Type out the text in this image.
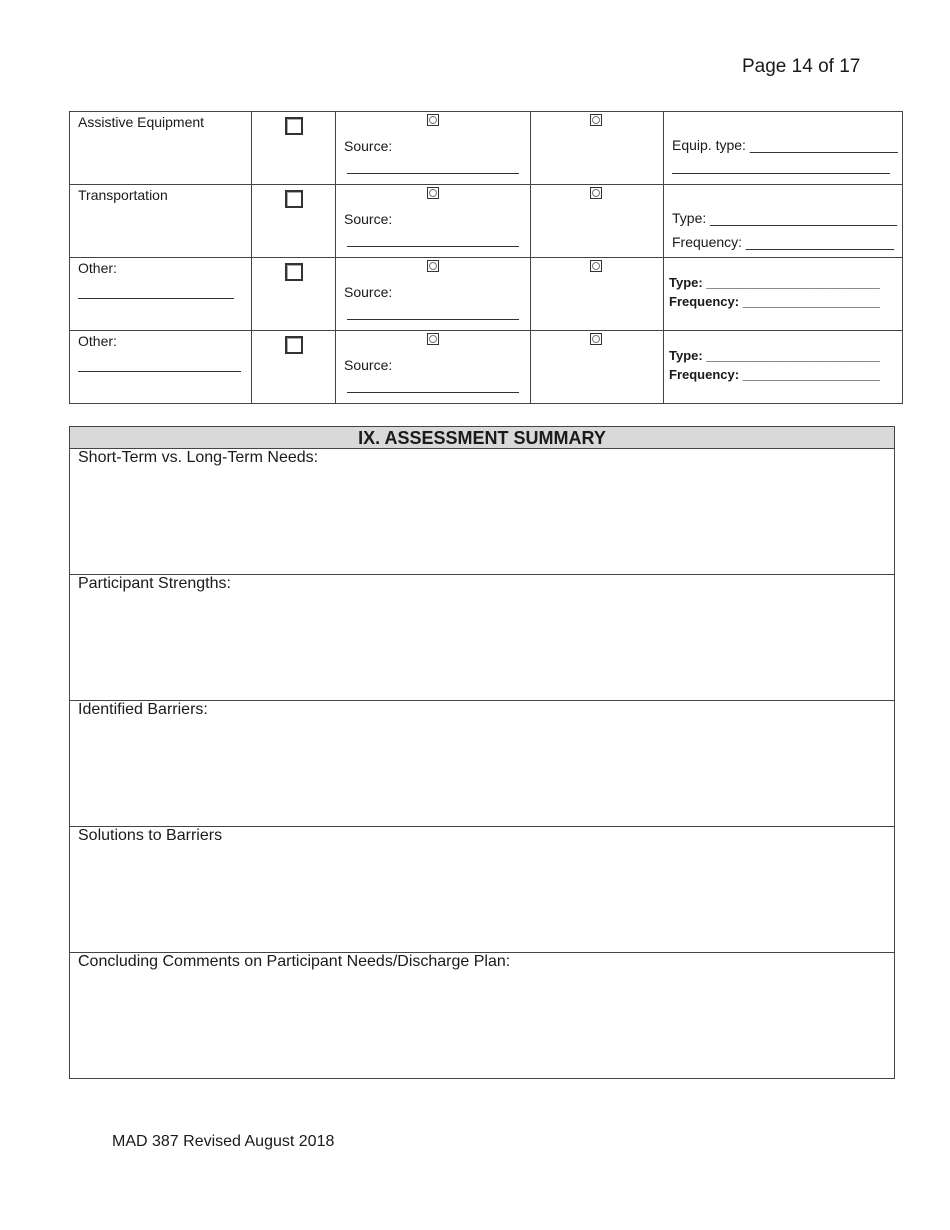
Page 14 of 17
Assistive Equipment		Source:		Equip. type: ___________________

Transportation		Source:		Type: ________________________
Frequency: ___________________

Other:		Source:		Type: ________________________
Frequency: ___________________

Other:		Source:		Type: ________________________
Frequency: ___________________
IX. ASSESSMENT SUMMARY
Short-Term vs. Long-Term Needs:
Participant Strengths:
Identified Barriers:
Solutions to Barriers
Concluding Comments on Participant Needs/Discharge Plan:
MAD 387 Revised August 2018
